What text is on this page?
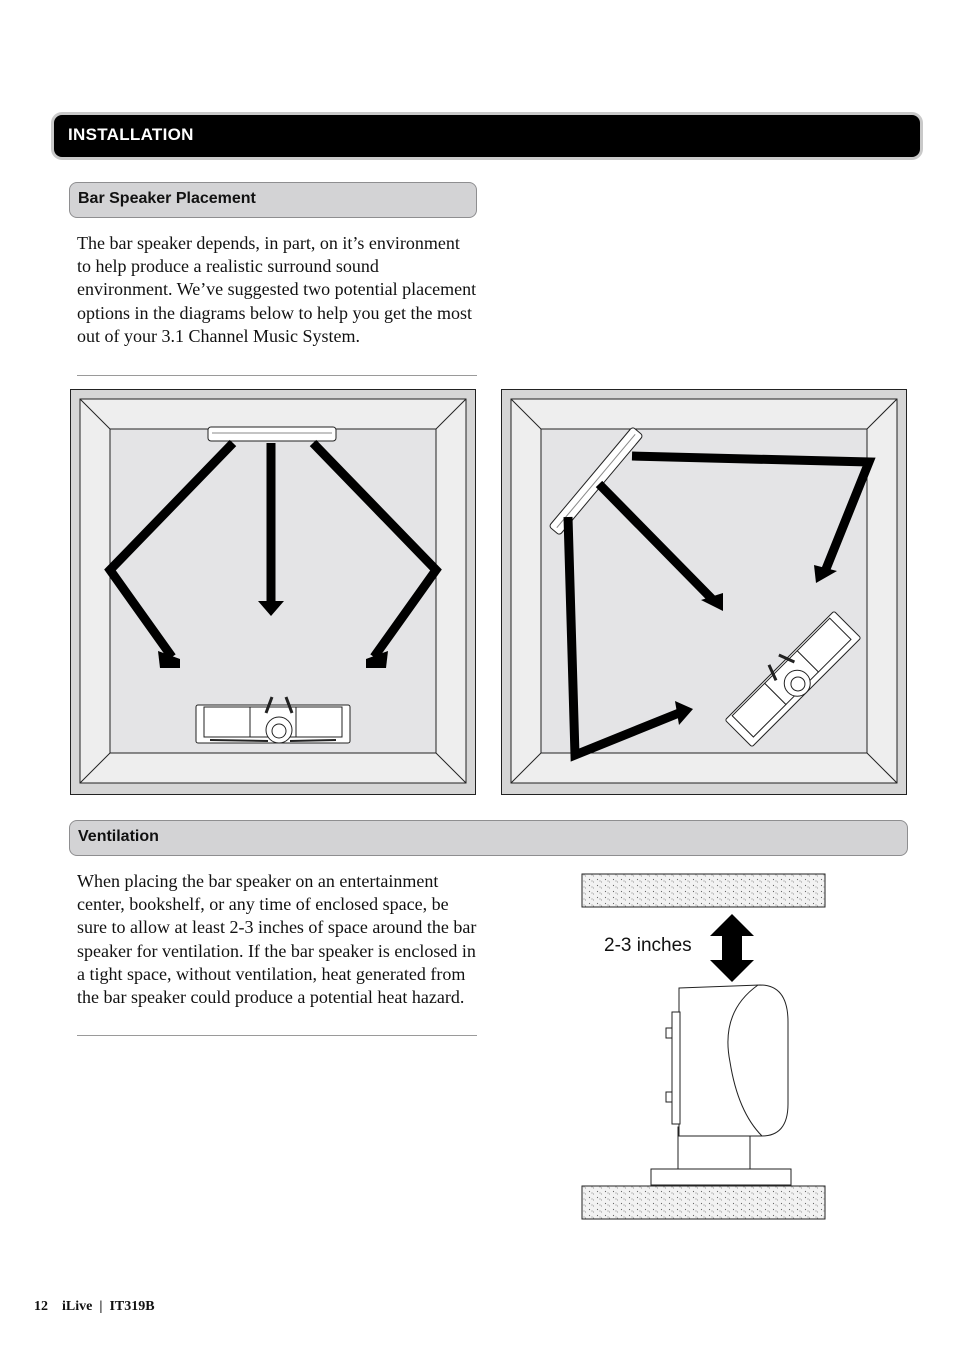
INSTALLATION
Bar Speaker Placement

The bar speaker depends, in part, on it’s environment to help produce a realistic surround sound environment. We’ve suggested two potential placement options in the diagrams below to help you get the most out of your 3.1 Channel Music System.

Ventilation

When placing the bar speaker on an entertainment center, bookshelf, or any time of enclosed space, be sure to allow at least 2-3 inches of space around the bar speaker for ventilation. If the bar speaker is enclosed in a tight space, without ventilation, heat generated from the bar speaker could produce a potential heat hazard.

2-3 inches
12 iLive | IT319B
